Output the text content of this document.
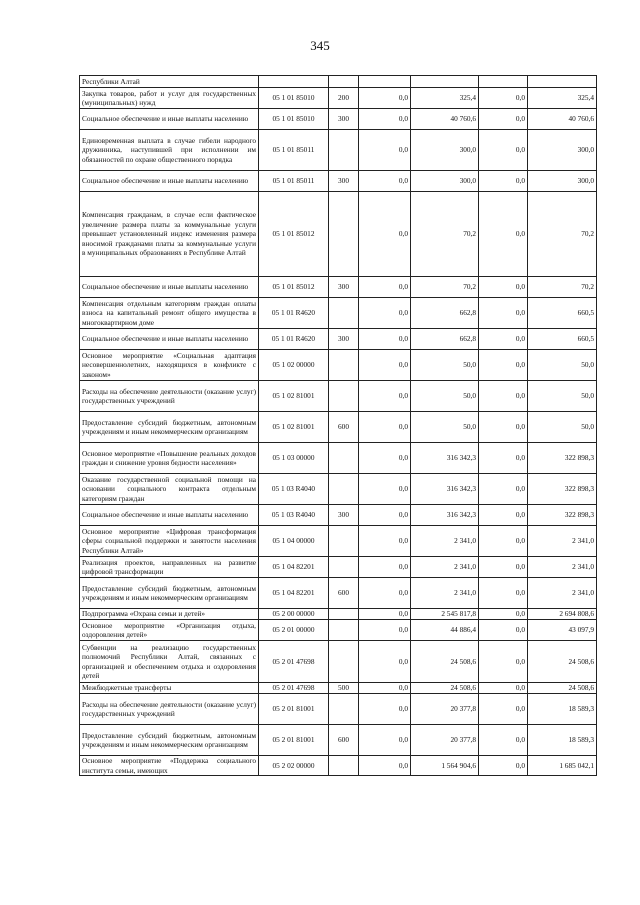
345
Республики Алтай						
Закупка товаров, работ и услуг для государственных (муниципальных) нужд	05 1 01 85010	200	0,0	325,4	0,0	325,4
Социальное обеспечение и иные выплаты населению	05 1 01 85010	300	0,0	40 760,6	0,0	40 760,6
Единовременная выплата в случае гибели народного дружинника, наступившей при исполнении им обязанностей по охране общественного порядка	05 1 01 85011		0,0	300,0	0,0	300,0
Социальное обеспечение и иные выплаты населению	05 1 01 85011	300	0,0	300,0	0,0	300,0
Компенсация гражданам, в случае если фактическое увеличение размера платы за коммунальные услуги превышает установленный индекс изменения размера вносимой гражданами платы за коммунальные услуги в муниципальных образованиях в Республике Алтай	05 1 01 85012		0,0	70,2	0,0	70,2
Социальное обеспечение и иные выплаты населению	05 1 01 85012	300	0,0	70,2	0,0	70,2
Компенсация отдельным категориям граждан оплаты взноса на капитальный ремонт общего имущества в многоквартирном доме	05 1 01 R4620		0,0	662,8	0,0	660,5
Социальное обеспечение и иные выплаты населению	05 1 01 R4620	300	0,0	662,8	0,0	660,5
Основное мероприятие «Социальная адаптация несовершеннолетних, находящихся в конфликте с законом»	05 1 02 00000		0,0	50,0	0,0	50,0
Расходы на обеспечение деятельности (оказание услуг) государственных учреждений	05 1 02 81001		0,0	50,0	0,0	50,0
Предоставление субсидий бюджетным, автономным учреждениям и иным некоммерческим организациям	05 1 02 81001	600	0,0	50,0	0,0	50,0
Основное мероприятие «Повышение реальных доходов граждан и снижение уровня бедности населения»	05 1 03 00000		0,0	316 342,3	0,0	322 898,3
Оказание государственной социальной помощи на основании социального контракта отдельным категориям граждан	05 1 03 R4040		0,0	316 342,3	0,0	322 898,3
Социальное обеспечение и иные выплаты населению	05 1 03 R4040	300	0,0	316 342,3	0,0	322 898,3
Основное мероприятие «Цифровая трансформация сферы социальной поддержки и занятости населения Республики Алтай»	05 1 04 00000		0,0	2 341,0	0,0	2 341,0
Реализация проектов, направленных на развитие цифровой трансформации	05 1 04 82201		0,0	2 341,0	0,0	2 341,0
Предоставление субсидий бюджетным, автономным учреждениям и иным некоммерческим организациям	05 1 04 82201	600	0,0	2 341,0	0,0	2 341,0
Подпрограмма «Охрана семьи и детей»	05 2 00 00000		0,0	2 545 817,8	0,0	2 694 808,6
Основное мероприятие «Организация отдыха, оздоровления детей»	05 2 01 00000		0,0	44 886,4	0,0	43 097,9
Субвенции на реализацию государственных полномочий Республики Алтай, связанных с организацией и обеспечением отдыха и оздоровления детей	05 2 01 47698		0,0	24 508,6	0,0	24 508,6
Межбюджетные трансферты	05 2 01 47698	500	0,0	24 508,6	0,0	24 508,6
Расходы на обеспечение деятельности (оказание услуг) государственных учреждений	05 2 01 81001		0,0	20 377,8	0,0	18 589,3
Предоставление субсидий бюджетным, автономным учреждениям и иным некоммерческим организациям	05 2 01 81001	600	0,0	20 377,8	0,0	18 589,3
Основное мероприятие «Поддержка социального института семьи, имеющих	05 2 02 00000		0,0	1 564 904,6	0,0	1 685 042,1
